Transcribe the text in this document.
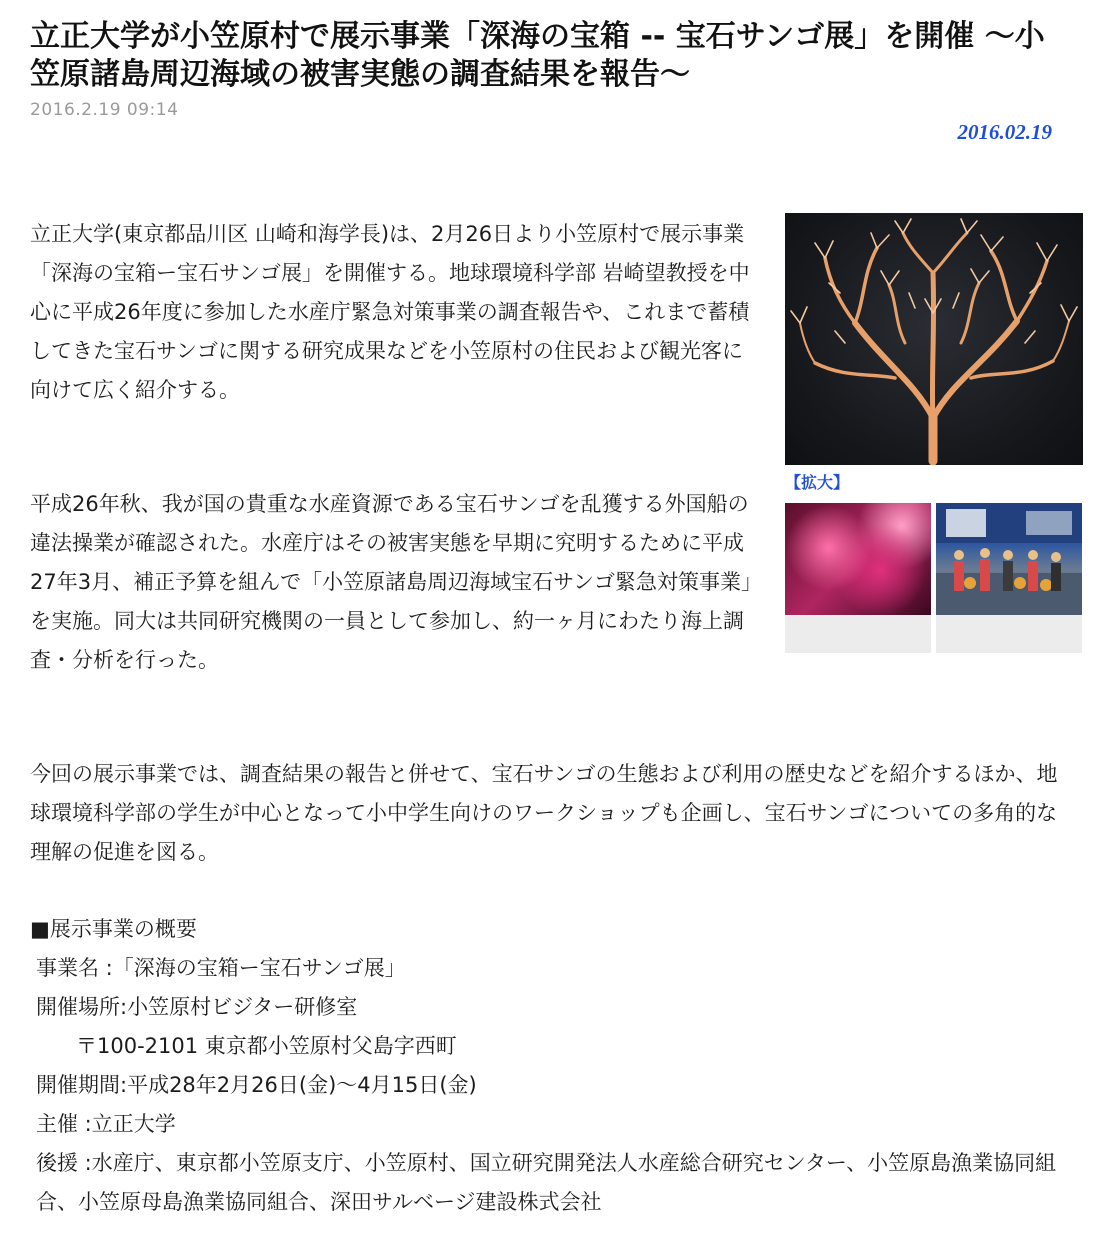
立正大学が小笠原村で展示事業「深海の宝箱 -- 宝石サンゴ展」を開催 ～小笠原諸島周辺海域の被害実態の調査結果を報告～
2016.2.19 09:14
2016.02.19

立正大学(東京都品川区 山崎和海学長)は、2月26日より小笠原村で展示事業「深海の宝箱ー宝石サンゴ展」を開催する。地球環境科学部 岩崎望教授を中心に平成26年度に参加した水産庁緊急対策事業の調査報告や、これまで蓄積してきた宝石サンゴに関する研究成果などを小笠原村の住民および観光客に向けて広く紹介する。

平成26年秋、我が国の貴重な水産資源である宝石サンゴを乱獲する外国船の違法操業が確認された。水産庁はその被害実態を早期に究明するために平成27年3月、補正予算を組んで「小笠原諸島周辺海域宝石サンゴ緊急対策事業」を実施。同大は共同研究機関の一員として参加し、約一ヶ月にわたり海上調査・分析を行った。

今回の展示事業では、調査結果の報告と併せて、宝石サンゴの生態および利用の歴史などを紹介するほか、地球環境科学部の学生が中心となって小中学生向けのワークショップも企画し、宝石サンゴについての多角的な理解の促進を図る。

【拡大】

■展示事業の概要

事業名 :「深海の宝箱ー宝石サンゴ展」

開催場所:小笠原村ビジター研修室

〒100-2101 東京都小笠原村父島字西町

開催期間:平成28年2月26日(金)～4月15日(金)

主催 :立正大学

後援 :水産庁、東京都小笠原支庁、小笠原村、国立研究開発法人水産総合研究センター、小笠原島漁業協同組合、小笠原母島漁業協同組合、深田サルベージ建設株式会社
